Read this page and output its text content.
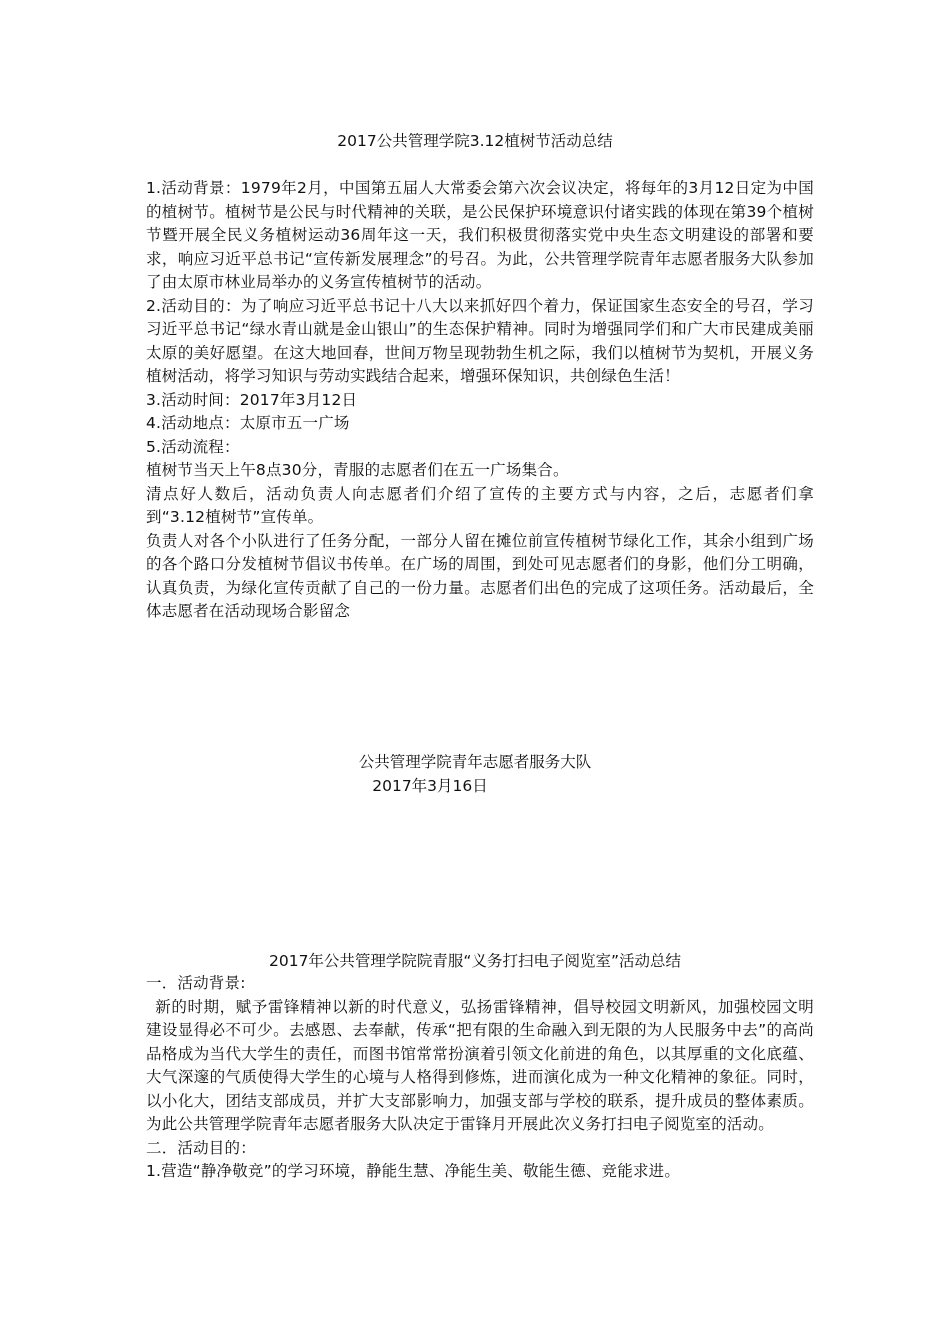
2017公共管理学院3.12植树节活动总结

1.活动背景：1979年2月，中国第五届人大常委会第六次会议决定，将每年的3月12日定为中国的植树节。植树节是公民与时代精神的关联，是公民保护环境意识付诸实践的体现在第39个植树节暨开展全民义务植树运动36周年这一天，我们积极贯彻落实党中央生态文明建设的部署和要求，响应习近平总书记“宣传新发展理念”的号召。为此，公共管理学院青年志愿者服务大队参加了由太原市林业局举办的义务宣传植树节的活动。

2.活动目的：为了响应习近平总书记十八大以来抓好四个着力，保证国家生态安全的号召，学习习近平总书记“绿水青山就是金山银山”的生态保护精神。同时为增强同学们和广大市民建成美丽太原的美好愿望。在这大地回春，世间万物呈现勃勃生机之际，我们以植树节为契机，开展义务植树活动，将学习知识与劳动实践结合起来，增强环保知识，共创绿色生活！

3.活动时间：2017年3月12日

4.活动地点：太原市五一广场

5.活动流程：

植树节当天上午8点30分，青服的志愿者们在五一广场集合。

清点好人数后，活动负责人向志愿者们介绍了宣传的主要方式与内容，之后，志愿者们拿到“3.12植树节”宣传单。

负责人对各个小队进行了任务分配，一部分人留在摊位前宣传植树节绿化工作，其余小组到广场的各个路口分发植树节倡议书传单。在广场的周围，到处可见志愿者们的身影，他们分工明确，认真负责，为绿化宣传贡献了自己的一份力量。志愿者们出色的完成了这项任务。活动最后，全体志愿者在活动现场合影留念

公共管理学院青年志愿者服务大队
2017年3月16日
2017年公共管理学院院青服“义务打扫电子阅览室”活动总结

一．活动背景:

新的时期，赋予雷锋精神以新的时代意义，弘扬雷锋精神，倡导校园文明新风，加强校园文明建设显得必不可少。去感恩、去奉献，传承“把有限的生命融入到无限的为人民服务中去”的高尚品格成为当代大学生的责任，而图书馆常常扮演着引领文化前进的角色，以其厚重的文化底蕴、大气深邃的气质使得大学生的心境与人格得到修炼，进而演化成为一种文化精神的象征。同时，以小化大，团结支部成员，并扩大支部影响力，加强支部与学校的联系，提升成员的整体素质。为此公共管理学院青年志愿者服务大队决定于雷锋月开展此次义务打扫电子阅览室的活动。

二．活动目的：

1.营造“静净敬竞”的学习环境，静能生慧、净能生美、敬能生德、竞能求进。
